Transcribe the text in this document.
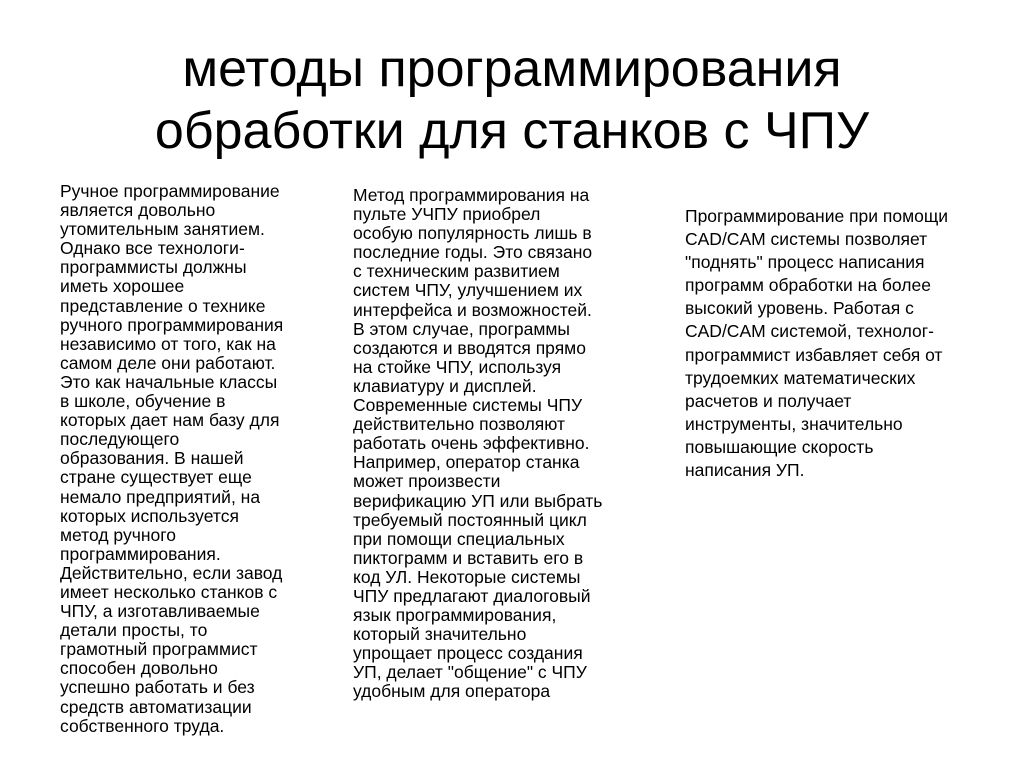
методы программирования
обработки для станков с ЧПУ

Ручное программирование
является довольно
утомительным занятием.
Однако все технологи-
программисты должны
иметь хорошее
представление о технике
ручного программирования
независимо от того, как на
самом деле они работают.
Это как начальные классы
в школе, обучение в
которых дает нам базу для
последующего
образования. В нашей
стране существует еще
немало предприятий, на
которых используется
метод ручного
программирования.
Действительно, если завод
имеет несколько станков с
ЧПУ, а изготавливаемые
детали просты, то
грамотный программист
способен довольно
успешно работать и без
средств автоматизации
собственного труда.

Метод программирования на
пульте УЧПУ приобрел
особую популярность лишь в
последние годы. Это связано
с техническим развитием
систем ЧПУ, улучшением их
интерфейса и возможностей.
В этом случае, программы
создаются и вводятся прямо
на стойке ЧПУ, используя
клавиатуру и дисплей.
Современные системы ЧПУ
действительно позволяют
работать очень эффективно.
Например, оператор станка
может произвести
верификацию УП или выбрать
требуемый постоянный цикл
при помощи специальных
пиктограмм и вставить его в
код УЛ. Некоторые системы
ЧПУ предлагают диалоговый
язык программирования,
который значительно
упрощает процесс создания
УП, делает "общение" с ЧПУ
удобным для оператора

Программирование при помощи
CAD/CAM системы позволяет
"поднять" процесс написания
программ обработки на более
высокий уровень. Работая с
CAD/CAM системой, технолог-
программист избавляет себя от
трудоемких математических
расчетов и получает
инструменты, значительно
повышающие скорость
написания УП.
